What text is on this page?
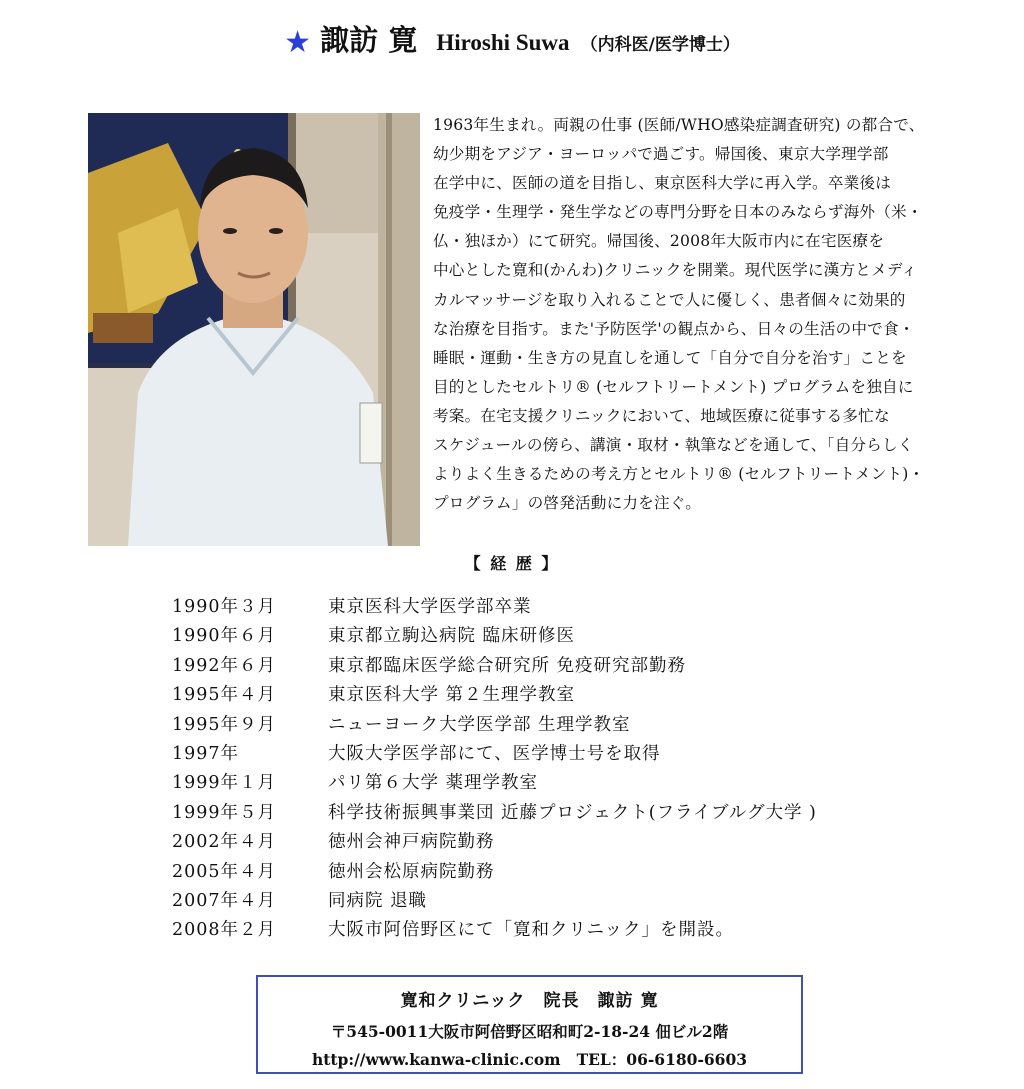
★ 諏訪 寛 Hiroshi Suwa （内科医/医学博士）
1963年生まれ。両親の仕事 (医師/WHO感染症調査研究) の都合で、
幼少期をアジア・ヨーロッパで過ごす。帰国後、東京大学理学部
在学中に、医師の道を目指し、東京医科大学に再入学。卒業後は
免疫学・生理学・発生学などの専門分野を日本のみならず海外（米・
仏・独ほか）にて研究。帰国後、2008年大阪市内に在宅医療を
中心とした寛和(かんわ)クリニックを開業。現代医学に漢方とメディ
カルマッサージを取り入れることで人に優しく、患者個々に効果的
な治療を目指す。また'予防医学'の観点から、日々の生活の中で食・
睡眠・運動・生き方の見直しを通して「自分で自分を治す」ことを
目的としたセルトリ® (セルフトリートメント) プログラムを独自に
考案。在宅支援クリニックにおいて、地域医療に従事する多忙な
スケジュールの傍ら、講演・取材・執筆などを通して、「自分らしく
よりよく生きるための考え方とセルトリ® (セルフトリートメント)・
プログラム」の啓発活動に力を注ぐ。
【 経 歴 】
1990年３月	東京医科大学医学部卒業
1990年６月	東京都立駒込病院 臨床研修医
1992年６月	東京都臨床医学総合研究所 免疫研究部勤務
1995年４月	東京医科大学 第２生理学教室
1995年９月	ニューヨーク大学医学部 生理学教室
1997年	大阪大学医学部にて、医学博士号を取得
1999年１月	パリ第６大学 薬理学教室
1999年５月	科学技術振興事業団 近藤プロジェクト(フライブルグ大学 )
2002年４月	徳州会神戸病院勤務
2005年４月	徳州会松原病院勤務
2007年４月	同病院 退職
2008年２月	大阪市阿倍野区にて「寛和クリニック」を開設。
寛和クリニック　院長　諏訪 寛
〒545-0011大阪市阿倍野区昭和町2-18-24 佃ビル2階
http://www.kanwa-clinic.com TEL：06-6180-6603
